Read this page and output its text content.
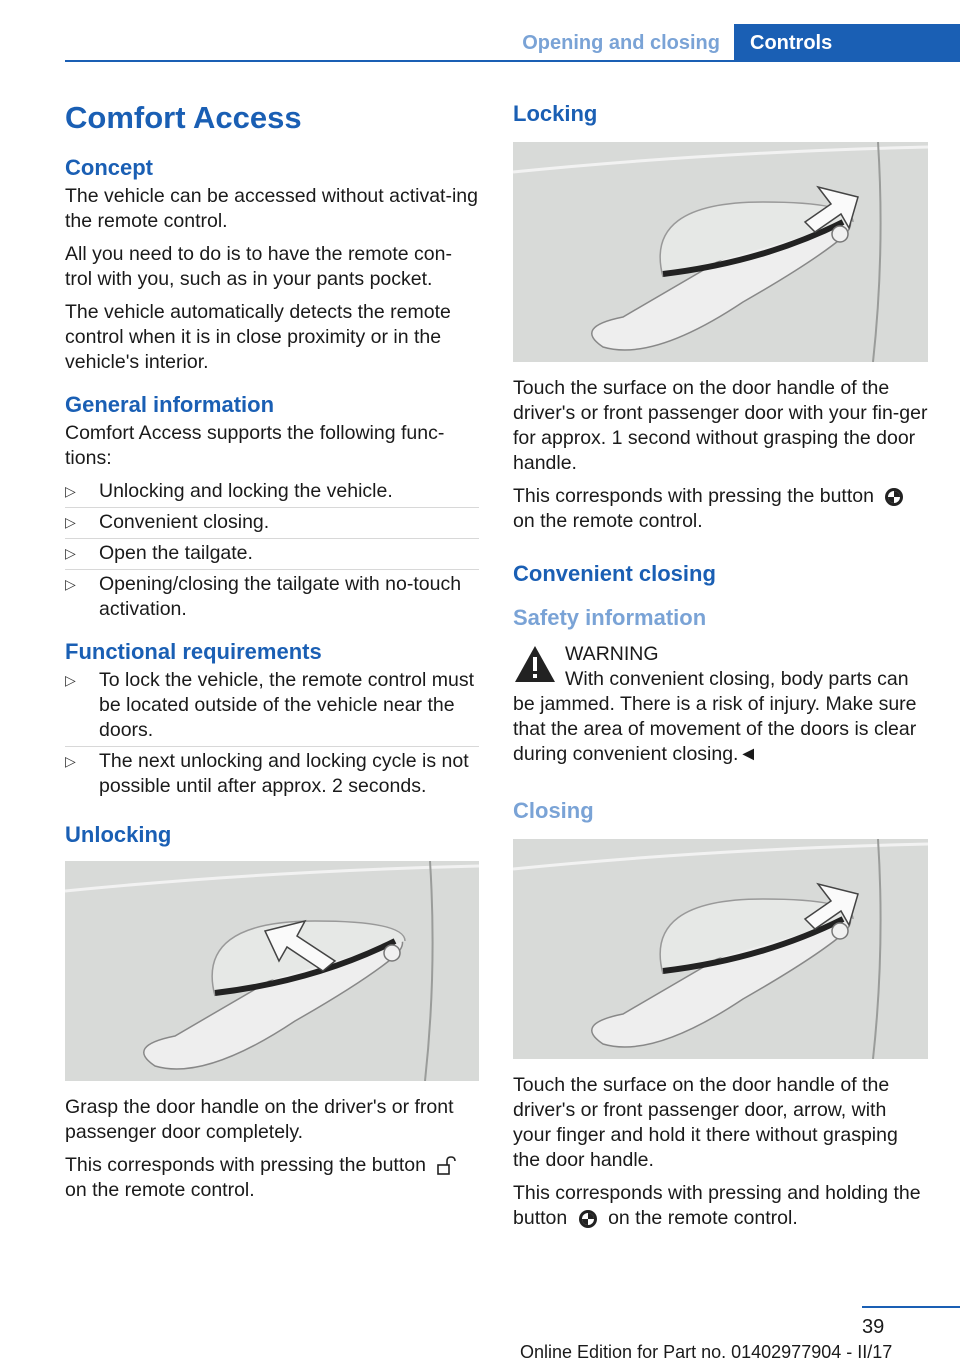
Opening and closing	Controls
Comfort Access
Concept

The vehicle can be accessed without activat‐ing the remote control.

All you need to do is to have the remote con‐trol with you, such as in your pants pocket.

The vehicle automatically detects the remote control when it is in close proximity or in the vehicle's interior.

General information

Comfort Access supports the following func‐tions:

▷ Unlocking and locking the vehicle.
▷ Convenient closing.
▷ Open the tailgate.
▷ Opening/closing the tailgate with no-touch activation.
Functional requirements
▷ To lock the vehicle, the remote control must be located outside of the vehicle near the doors.
▷ The next unlocking and locking cycle is not possible until after approx. 2 seconds.
Unlocking

Grasp the door handle on the driver's or front passenger door completely.

This corresponds with pressing the button
on the remote control.

Locking

Touch the surface on the door handle of the driver's or front passenger door with your fin‐ger for approx. 1 second without grasping the door handle.

This corresponds with pressing the button
on the remote control.

Convenient closing
Safety information
WARNING
With convenient closing, body parts can be jammed. There is a risk of injury. Make sure that the area of movement of the doors is clear during convenient closing.◄
Closing

Touch the surface on the door handle of the driver's or front passenger door, arrow, with your finger and hold it there without grasping the door handle.

This corresponds with pressing and holding the button on the remote control.

39
Online Edition for Part no. 01402977904 - II/17
